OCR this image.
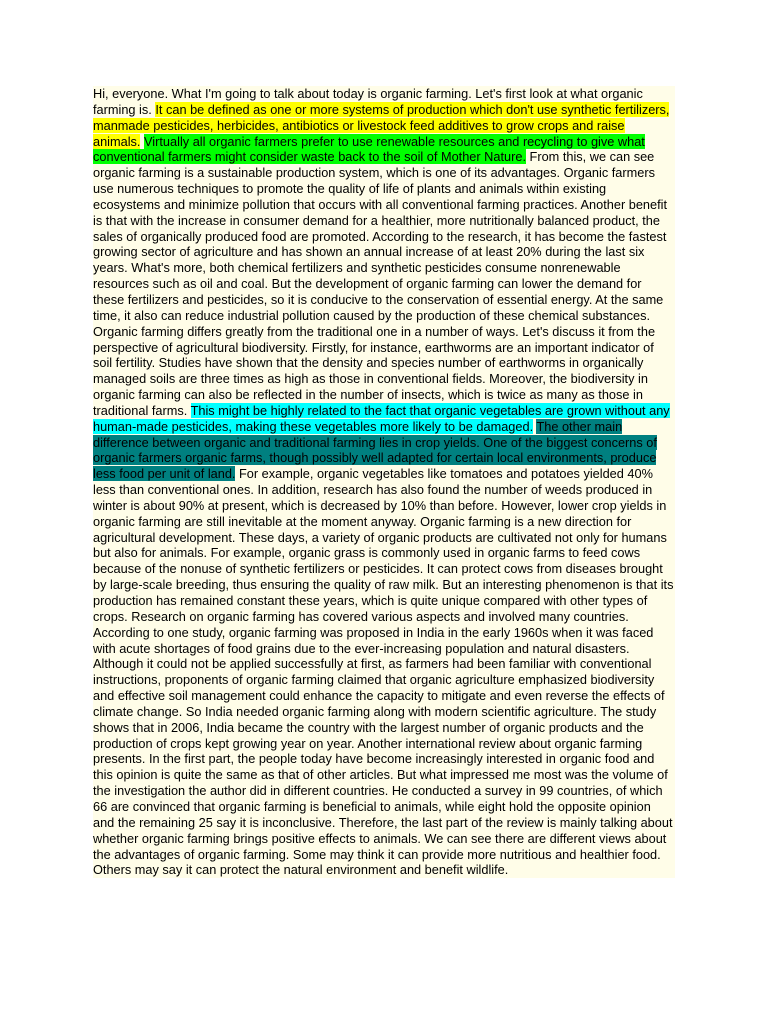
Hi, everyone. What I'm going to talk about today is organic farming. Let's first look at what organic farming is. It can be defined as one or more systems of production which don't use synthetic fertilizers, manmade pesticides, herbicides, antibiotics or livestock feed additives to grow crops and raise animals. Virtually all organic farmers prefer to use renewable resources and recycling to give what conventional farmers might consider waste back to the soil of Mother Nature. From this, we can see organic farming is a sustainable production system, which is one of its advantages. Organic farmers use numerous techniques to promote the quality of life of plants and animals within existing ecosystems and minimize pollution that occurs with all conventional farming practices. Another benefit is that with the increase in consumer demand for a healthier, more nutritionally balanced product, the sales of organically produced food are promoted. According to the research, it has become the fastest growing sector of agriculture and has shown an annual increase of at least 20% during the last six years. What's more, both chemical fertilizers and synthetic pesticides consume nonrenewable resources such as oil and coal. But the development of organic farming can lower the demand for these fertilizers and pesticides, so it is conducive to the conservation of essential energy. At the same time, it also can reduce industrial pollution caused by the production of these chemical substances. Organic farming differs greatly from the traditional one in a number of ways. Let's discuss it from the perspective of agricultural biodiversity. Firstly, for instance, earthworms are an important indicator of soil fertility. Studies have shown that the density and species number of earthworms in organically managed soils are three times as high as those in conventional fields. Moreover, the biodiversity in organic farming can also be reflected in the number of insects, which is twice as many as those in traditional farms. This might be highly related to the fact that organic vegetables are grown without any human-made pesticides, making these vegetables more likely to be damaged. The other main difference between organic and traditional farming lies in crop yields. One of the biggest concerns of organic farmers organic farms, though possibly well adapted for certain local environments, produce less food per unit of land. For example, organic vegetables like tomatoes and potatoes yielded 40% less than conventional ones. In addition, research has also found the number of weeds produced in winter is about 90% at present, which is decreased by 10% than before. However, lower crop yields in organic farming are still inevitable at the moment anyway. Organic farming is a new direction for agricultural development. These days, a variety of organic products are cultivated not only for humans but also for animals. For example, organic grass is commonly used in organic farms to feed cows because of the nonuse of synthetic fertilizers or pesticides. It can protect cows from diseases brought by large-scale breeding, thus ensuring the quality of raw milk. But an interesting phenomenon is that its production has remained constant these years, which is quite unique compared with other types of crops. Research on organic farming has covered various aspects and involved many countries. According to one study, organic farming was proposed in India in the early 1960s when it was faced with acute shortages of food grains due to the ever-increasing population and natural disasters. Although it could not be applied successfully at first, as farmers had been familiar with conventional instructions, proponents of organic farming claimed that organic agriculture emphasized biodiversity and effective soil management could enhance the capacity to mitigate and even reverse the effects of climate change. So India needed organic farming along with modern scientific agriculture. The study shows that in 2006, India became the country with the largest number of organic products and the production of crops kept growing year on year. Another international review about organic farming presents. In the first part, the people today have become increasingly interested in organic food and this opinion is quite the same as that of other articles. But what impressed me most was the volume of the investigation the author did in different countries. He conducted a survey in 99 countries, of which 66 are convinced that organic farming is beneficial to animals, while eight hold the opposite opinion and the remaining 25 say it is inconclusive. Therefore, the last part of the review is mainly talking about whether organic farming brings positive effects to animals. We can see there are different views about the advantages of organic farming. Some may think it can provide more nutritious and healthier food. Others may say it can protect the natural environment and benefit wildlife.
